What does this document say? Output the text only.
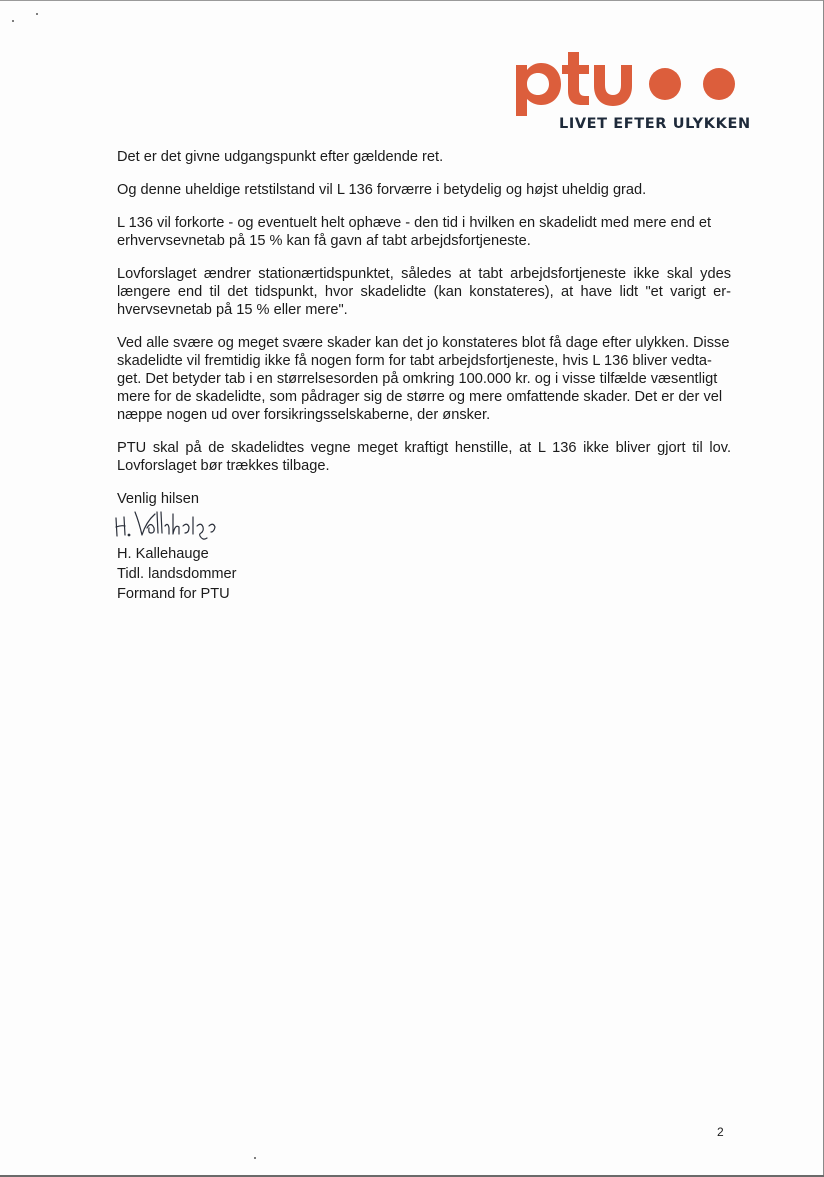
LIVET EFTER ULYKKEN

Det er det givne udgangspunkt efter gældende ret.

Og denne uheldige retstilstand vil L 136 forværre i betydelig og højst uheldig grad.

L 136 vil forkorte - og eventuelt helt ophæve - den tid i hvilken en skadelidt med mere end et erhvervsevnetab på 15 % kan få gavn af tabt arbejdsfortjeneste.

Lovforslaget ændrer stationærtidspunktet, således at tabt arbejdsfortjeneste ikke skal ydes længere end til det tidspunkt, hvor skadelidte (kan konstateres), at have lidt "et varigt erhvervsevnetab på 15 % eller mere".

Ved alle svære og meget svære skader kan det jo konstateres blot få dage efter ulykken. Disse skadelidte vil fremtidig ikke få nogen form for tabt arbejdsfortjeneste, hvis L 136 bliver vedtaget. Det betyder tab i en størrelsesorden på omkring 100.000 kr. og i visse tilfælde væsentligt mere for de skadelidte, som pådrager sig de større og mere omfattende skader. Det er der vel næppe nogen ud over forsikringsselskaberne, der ønsker.

PTU skal på de skadelidtes vegne meget kraftigt henstille, at L 136 ikke bliver gjort til lov. Lovforslaget bør trækkes tilbage.

Venlig hilsen

H. Kallehauge

Tidl. landsdommer

Formand for PTU

2
